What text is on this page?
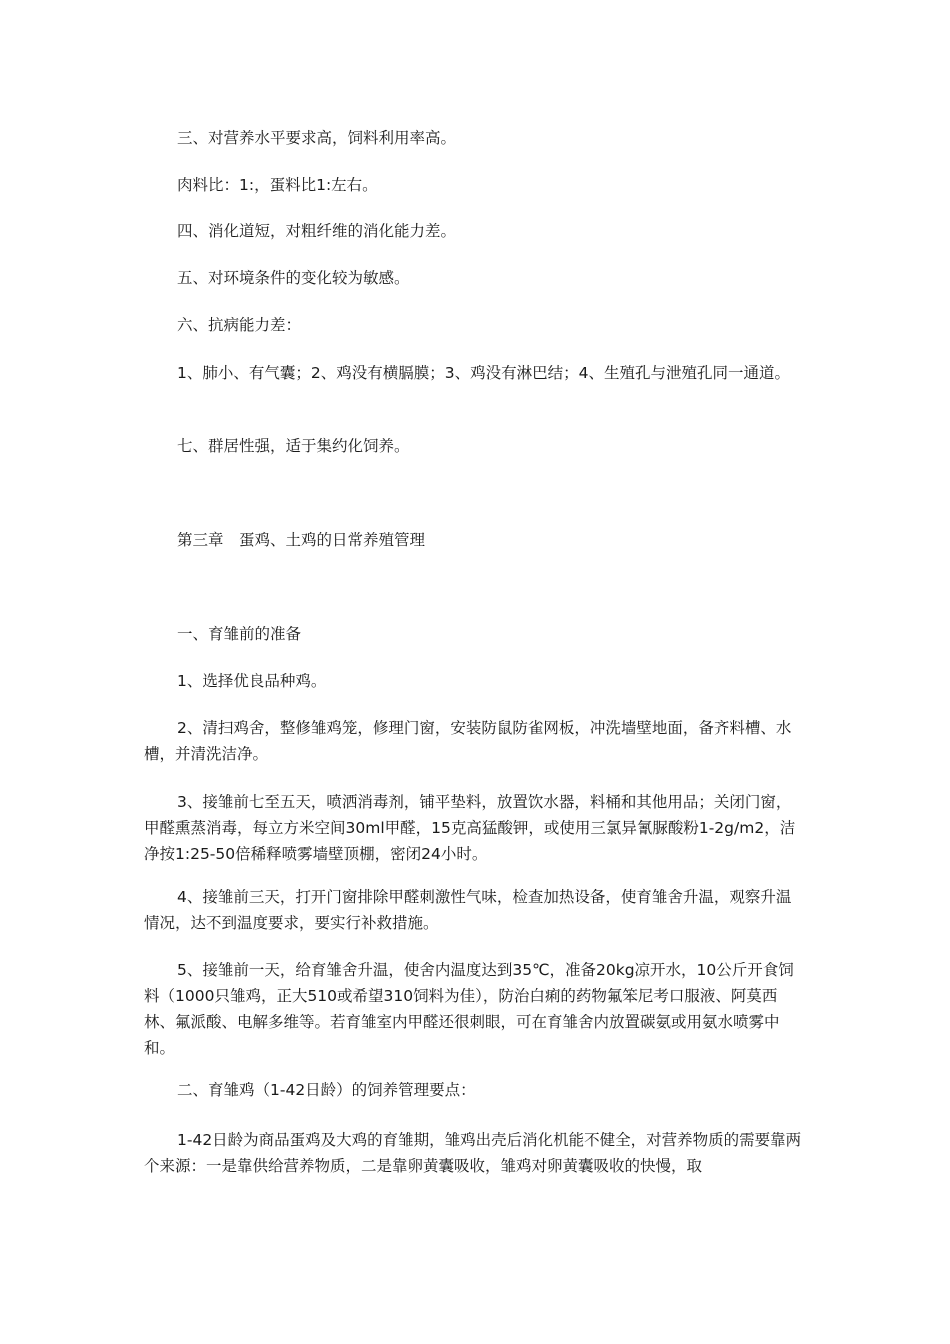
三、对营养水平要求高，饲料利用率高。

肉料比：1:，蛋料比1:左右。

四、消化道短，对粗纤维的消化能力差。

五、对环境条件的变化较为敏感。

六、抗病能力差：

1、肺小、有气囊；2、鸡没有横膈膜；3、鸡没有淋巴结；4、生殖孔与泄殖孔同一通道。

七、群居性强，适于集约化饲养。

第三章　蛋鸡、土鸡的日常养殖管理

一、育雏前的准备

1、选择优良品种鸡。

2、清扫鸡舍，整修雏鸡笼，修理门窗，安装防鼠防雀网板，冲洗墙壁地面，备齐料槽、水槽，并清洗洁净。

3、接雏前七至五天，喷洒消毒剂，铺平垫料，放置饮水器，料桶和其他用品；关闭门窗，甲醛熏蒸消毒，每立方米空间30ml甲醛，15克高猛酸钾，或使用三氯异氰脲酸粉1-2g/m2，洁净按1:25-50倍稀释喷雾墙壁顶棚，密闭24小时。

4、接雏前三天，打开门窗排除甲醛刺激性气味，检查加热设备，使育雏舍升温，观察升温情况，达不到温度要求，要实行补救措施。

5、接雏前一天，给育雏舍升温，使舍内温度达到35℃，准备20kg凉开水，10公斤开食饲料（1000只雏鸡，正大510或希望310饲料为佳），防治白痢的药物氟笨尼考口服液、阿莫西林、氟派酸、电解多维等。若育雏室内甲醛还很刺眼，可在育雏舍内放置碳氨或用氨水喷雾中和。

二、育雏鸡（1-42日龄）的饲养管理要点：

1-42日龄为商品蛋鸡及大鸡的育雏期，雏鸡出壳后消化机能不健全，对营养物质的需要靠两个来源：一是靠供给营养物质，二是靠卵黄囊吸收，雏鸡对卵黄囊吸收的快慢，取
